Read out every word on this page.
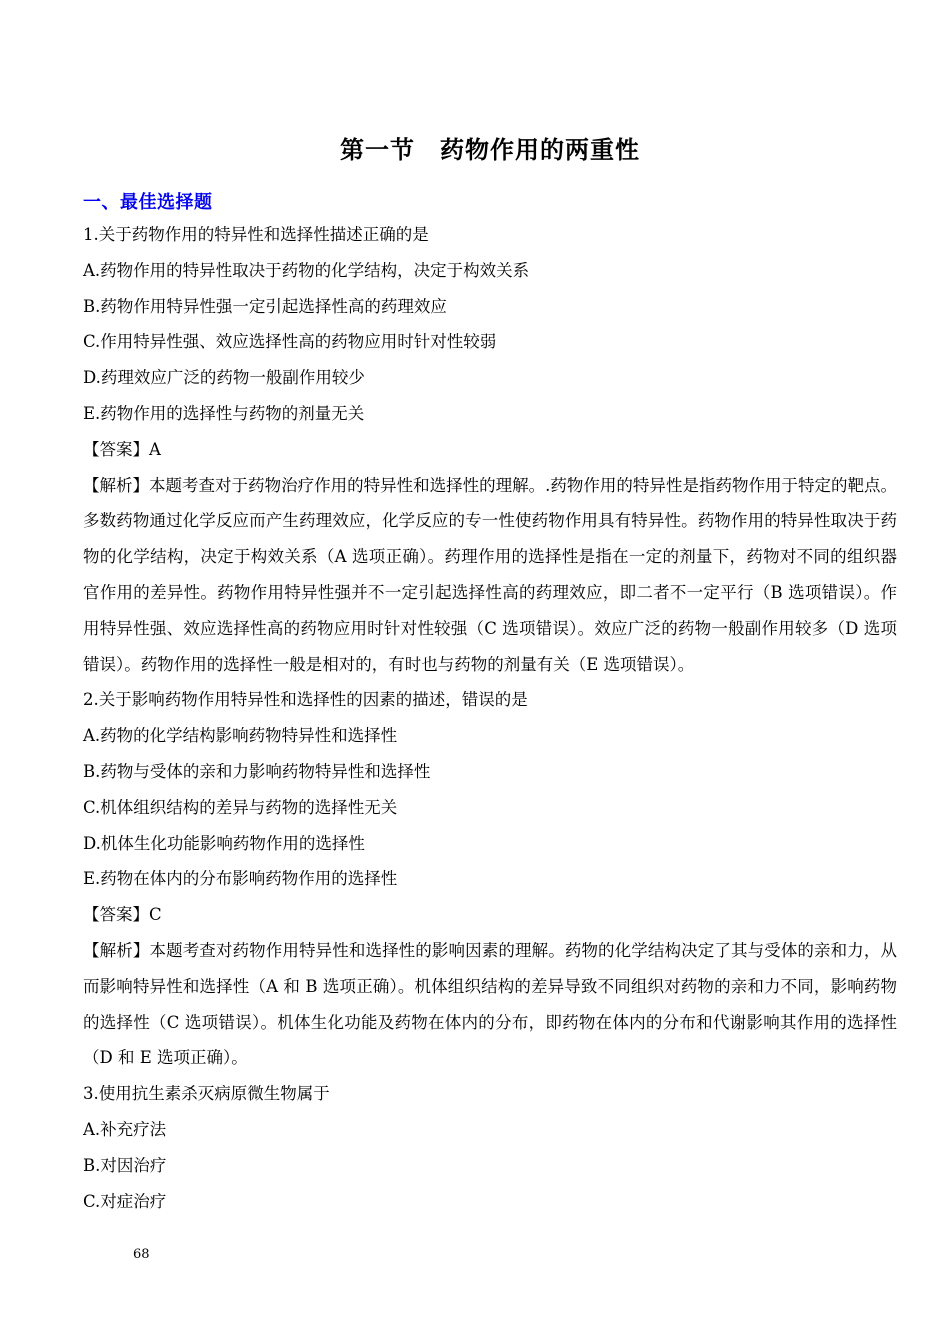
第一节　药物作用的两重性
一、最佳选择题

1.关于药物作用的特异性和选择性描述正确的是

A.药物作用的特异性取决于药物的化学结构，决定于构效关系

B.药物作用特异性强一定引起选择性高的药理效应

C.作用特异性强、效应选择性高的药物应用时针对性较弱

D.药理效应广泛的药物一般副作用较少

E.药物作用的选择性与药物的剂量无关

【答案】A

【解析】本题考查对于药物治疗作用的特异性和选择性的理解。.药物作用的特异性是指药物作用于特定的靶点。多数药物通过化学反应而产生药理效应，化学反应的专一性使药物作用具有特异性。药物作用的特异性取决于药物的化学结构，决定于构效关系（A 选项正确）。药理作用的选择性是指在一定的剂量下，药物对不同的组织器官作用的差异性。药物作用特异性强并不一定引起选择性高的药理效应，即二者不一定平行（B 选项错误）。作用特异性强、效应选择性高的药物应用时针对性较强（C 选项错误）。效应广泛的药物一般副作用较多（D 选项错误）。药物作用的选择性一般是相对的，有时也与药物的剂量有关（E 选项错误）。

2.关于影响药物作用特异性和选择性的因素的描述，错误的是

A.药物的化学结构影响药物特异性和选择性

B.药物与受体的亲和力影响药物特异性和选择性

C.机体组织结构的差异与药物的选择性无关

D.机体生化功能影响药物作用的选择性

E.药物在体内的分布影响药物作用的选择性

【答案】C

【解析】本题考查对药物作用特异性和选择性的影响因素的理解。药物的化学结构决定了其与受体的亲和力，从而影响特异性和选择性（A 和 B 选项正确）。机体组织结构的差异导致不同组织对药物的亲和力不同，影响药物的选择性（C 选项错误）。机体生化功能及药物在体内的分布，即药物在体内的分布和代谢影响其作用的选择性（D 和 E 选项正确）。

3.使用抗生素杀灭病原微生物属于

A.补充疗法

B.对因治疗

C.对症治疗

68
